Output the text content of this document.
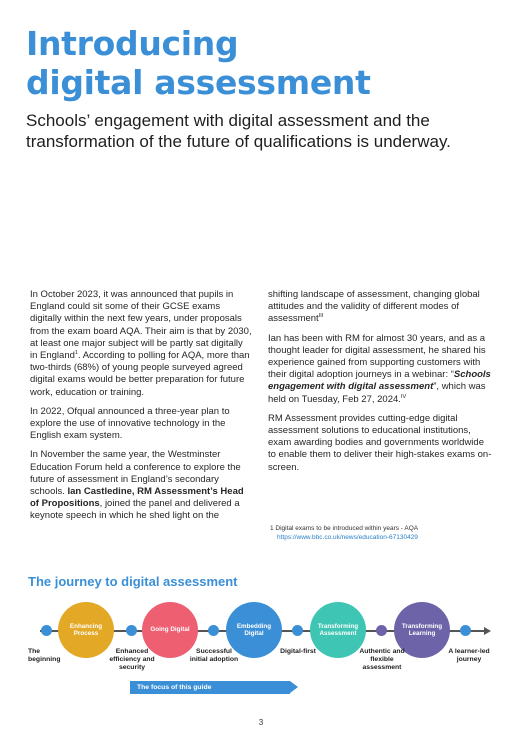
Introducing
digital assessment
Schools’ engagement with digital assessment and the transformation of the future of qualifications is underway.

In October 2023, it was announced that pupils in England could sit some of their GCSE exams digitally within the next few years, under proposals from the exam board AQA. Their aim is that by 2030, at least one major subject will be partly sat digitally in England$^1$. According to polling for AQA, more than two-thirds (68%) of young people surveyed agreed digital exams would be better preparation for future work, education or training.

In 2022, Ofqual announced a three-year plan to explore the use of innovative technology in the English exam system.

In November the same year, the Westminster Education Forum held a conference to explore the future of assessment in England’s secondary schools. Ian Castledine, RM Assessment’s Head of Propositions, joined the panel and delivered a keynote speech in which he shed light on the

shifting landscape of assessment, changing global attitudes and the validity of different modes of assessment$^{III}$

Ian has been with RM for almost 30 years, and as a thought leader for digital assessment, he shared his experience gained from supporting customers with their digital adoption journeys in a webinar: “Schools engagement with digital assessment”, which was held on Tuesday, Feb 27, 2024.$^{IV}$

RM Assessment provides cutting-edge digital assessment solutions to educational institutions, exam awarding bodies and governments worldwide to enable them to deliver their high-stakes exams on-screen.

1 Digital exams to be introduced within years - AQA
https://www.bbc.co.uk/news/education-67130429
The journey to digital assessment
Enhancing Process
Going Digital
Embedding Digital
Transforming Assessment
Transforming Learning
The beginning
Enhanced efficiency and security
Successful initial adoption
Digital-first	Authentic and flexible assessment
A learner-led journey
The focus of this guide
3
